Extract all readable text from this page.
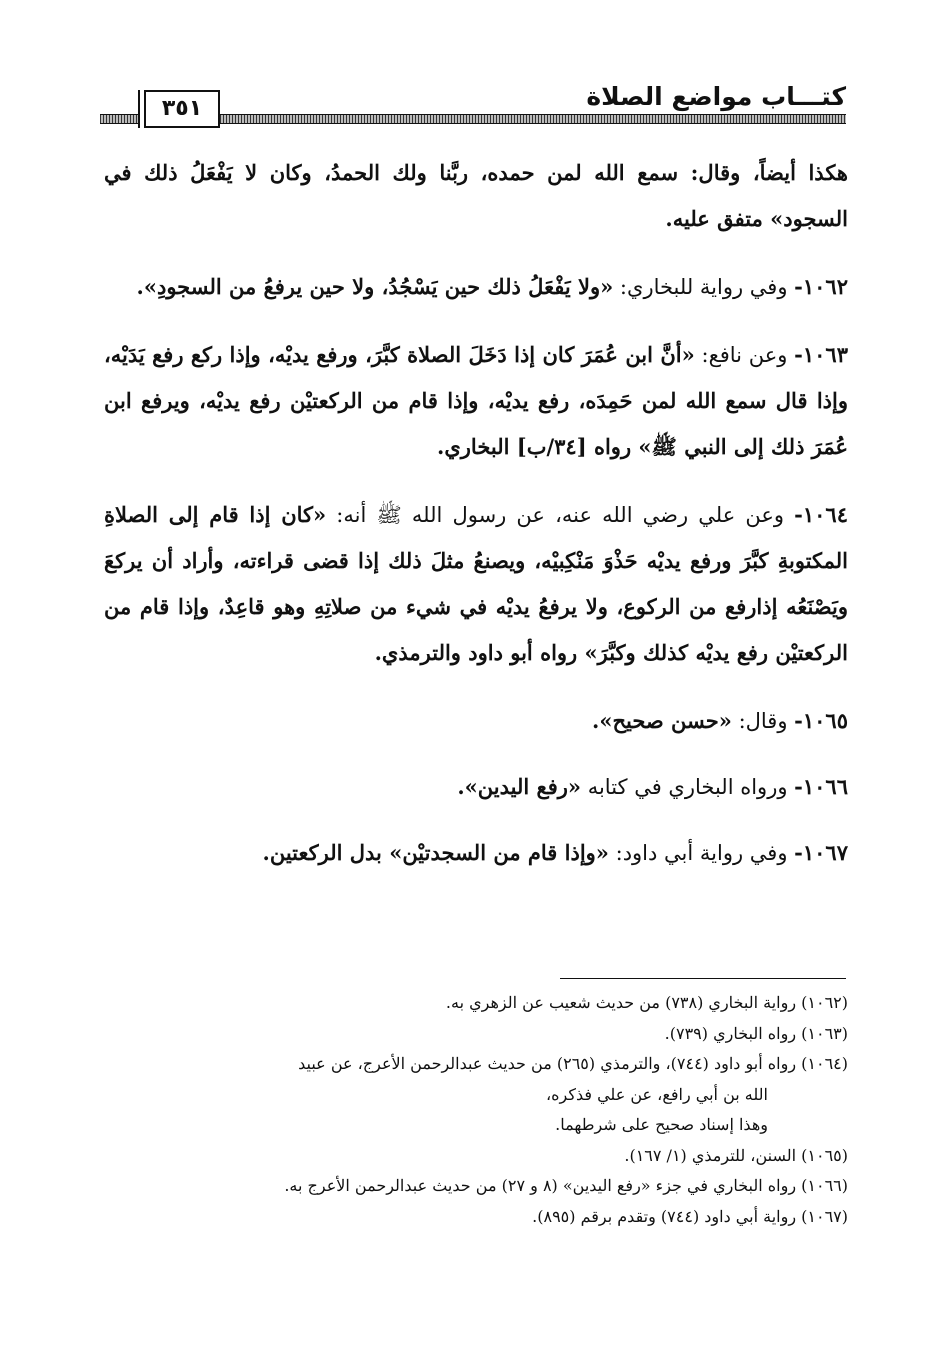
كتـــاب مواضع الصلاة
٣٥١

هكذا أيضاً، وقال: سمع الله لمن حمده، ربَّنا ولك الحمدُ، وكان لا يَفْعَلُ ذلك في السجود» متفق عليه.

١٠٦٢- وفي رواية للبخاري: «ولا يَفْعَلُ ذلك حين يَسْجُدُ، ولا حين يرفعُ من السجودِ».

١٠٦٣- وعن نافع: «أنَّ ابن عُمَرَ كان إذا دَخَلَ الصلاة كبَّرَ، ورفع يديْه، وإذا ركع رفع يَدَيْه، وإذا قال سمع الله لمن حَمِدَه، رفع يديْه، وإذا قام من الركعتيْن رفع يديْه، ويرفع ابن عُمَرَ ذلك إلى النبي ﷺ» رواه [٣٤/ب] البخاري.

١٠٦٤- وعن علي رضي الله عنه، عن رسول الله ﷺ أنه: «كان إذا قام إلى الصلاةِ المكتوبةِ كبَّرَ ورفع يديْه حَذْوَ مَنْكِبيْه، ويصنعُ مثلَ ذلك إذا قضى قراءته، وأراد أن يركعَ ويَصْنَعُه إذارفع من الركوع، ولا يرفعُ يديْه في شيء من صلاتِهِ وهو قاعِدٌ، وإذا قام من الركعتيْن رفع يديْه كذلك وكبَّرَ» رواه أبو داود والترمذي.

١٠٦٥- وقال: «حسن صحيح».

١٠٦٦- ورواه البخاري في كتابه «رفع اليدين».

١٠٦٧- وفي رواية أبي داود: «وإذا قام من السجدتيْن» بدل الركعتين.

(١٠٦٢) رواية البخاري (٧٣٨) من حديث شعيب عن الزهري به.

(١٠٦٣) رواه البخاري (٧٣٩).

(١٠٦٤) رواه أبو داود (٧٤٤)، والترمذي (٢٦٥) من حديث عبدالرحمن الأعرج، عن عبيد

الله بن أبي رافع، عن علي فذكره،

وهذا إسناد صحيح على شرطهما.

(١٠٦٥) السنن، للترمذي (١/ ١٦٧).

(١٠٦٦) رواه البخاري في جزء «رفع اليدين» (٨ و ٢٧) من حديث عبدالرحمن الأعرج به.

(١٠٦٧) رواية أبي داود (٧٤٤) وتقدم برقم (٨٩٥).
